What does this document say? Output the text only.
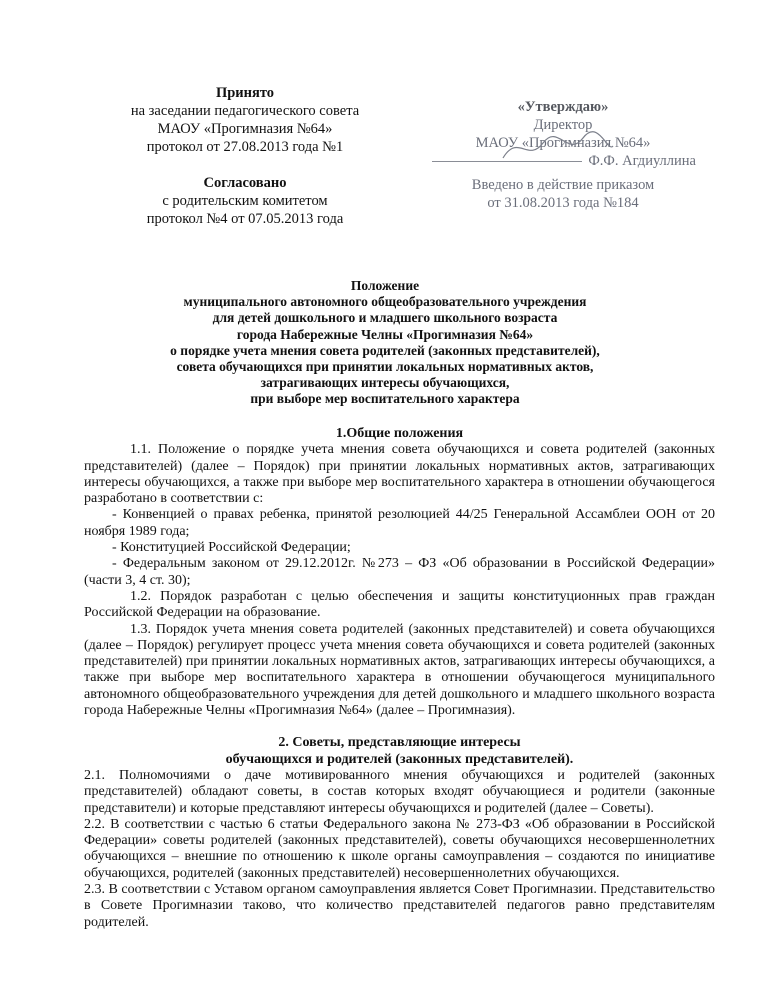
Принято
на заседании педагогического совета
МАОУ «Прогимназия №64»
протокол от 27.08.2013 года №1
Согласовано
с родительским комитетом
протокол №4 от 07.05.2013 года
«Утверждаю»
Директор
МАОУ «Прогимназия №64»
Ф.Ф. Агдиуллина
Введено в действие приказом
от 31.08.2013 года №184
Положение
муниципального автономного общеобразовательного учреждения
для детей дошкольного и младшего школьного возраста
города Набережные Челны «Прогимназия №64»
о порядке учета мнения совета родителей (законных представителей),
совета обучающихся при принятии локальных нормативных актов,
затрагивающих интересы обучающихся,
при выборе мер воспитательного характера

1.Общие положения

1.1. Положение о порядке учета мнения совета обучающихся и совета родителей (законных представителей) (далее – Порядок) при принятии локальных нормативных актов, затрагивающих интересы обучающихся, а также при выборе мер воспитательного характера в отношении обучающегося разработано в соответствии с:

- Конвенцией о правах ребенка, принятой резолюцией 44/25 Генеральной Ассамблеи ООН от 20 ноября 1989 года;

- Конституцией Российской Федерации;

- Федеральным законом от 29.12.2012г. №273 – ФЗ «Об образовании в Российской Федерации» (части 3, 4 ст. 30);

1.2. Порядок разработан с целью обеспечения и защиты конституционных прав граждан Российской Федерации на образование.

1.3. Порядок учета мнения совета родителей (законных представителей) и совета обучающихся (далее – Порядок) регулирует процесс учета мнения совета обучающихся и совета родителей (законных представителей) при принятии локальных нормативных актов, затрагивающих интересы обучающихся, а также при выборе мер воспитательного характера в отношении обучающегося муниципального автономного общеобразовательного учреждения для детей дошкольного и младшего школьного возраста города Набережные Челны «Прогимназия №64» (далее – Прогимназия).

2. Советы, представляющие интересы

обучающихся и родителей (законных представителей).

2.1. Полномочиями о даче мотивированного мнения обучающихся и родителей (законных представителей) обладают советы, в состав которых входят обучающиеся и родители (законные представители) и которые представляют интересы обучающихся и родителей (далее – Советы).

2.2. В соответствии с частью 6 статьи Федерального закона № 273-ФЗ «Об образовании в Российской Федерации» советы родителей (законных представителей), советы обучающихся несовершеннолетних обучающихся – внешние по отношению к школе органы самоуправления – создаются по инициативе обучающихся, родителей (законных представителей) несовершеннолетних обучающихся.

2.3. В соответствии с Уставом органом самоуправления является Совет Прогимназии. Представительство в Совете Прогимназии таково, что количество представителей педагогов равно представителям родителей.
